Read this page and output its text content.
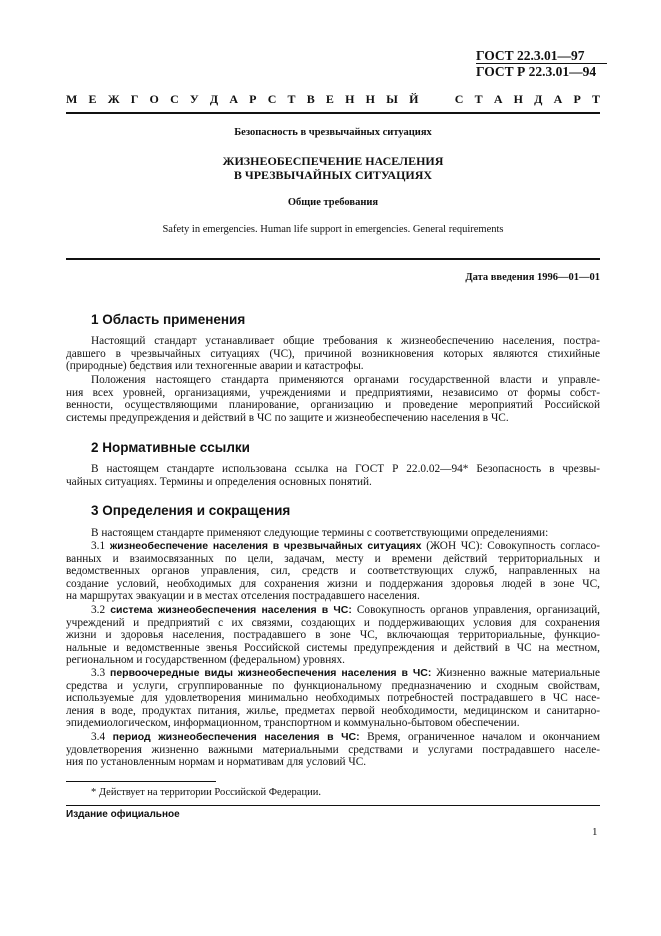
ГОСТ 22.3.01—97
ГОСТ Р 22.3.01—94
М Е Ж Г О С У Д А Р С Т В Е Н Н Ы Й	С Т А Н Д А Р Т
Безопасность в чрезвычайных ситуациях
ЖИЗНЕОБЕСПЕЧЕНИЕ НАСЕЛЕНИЯ
В ЧРЕЗВЫЧАЙНЫХ СИТУАЦИЯХ
Общие требования
Safety in emergencies. Human life support in emergencies. General requirements
Дата введения 1996—01—01
1 Область применения
Настоящий стандарт устанавливает общие требования к жизнеобеспечению населения, постра-
давшего в чрезвычайных ситуациях (ЧС), причиной возникновения которых являются стихийные
(природные) бедствия или техногенные аварии и катастрофы.
Положения настоящего стандарта применяются органами государственной власти и управле-
ния всех уровней, организациями, учреждениями и предприятиями, независимо от формы собст-
венности, осуществляющими планирование, организацию и проведение мероприятий Российской
системы предупреждения и действий в ЧС по защите и жизнеобеспечению населения в ЧС.
2 Нормативные ссылки
В настоящем стандарте использована ссылка на ГОСТ Р 22.0.02—94* Безопасность в чрезвы-
чайных ситуациях. Термины и определения основных понятий.
3 Определения и сокращения
В настоящем стандарте применяют следующие термины с соответствующими определениями:
3.1 жизнеобеспечение населения в чрезвычайных ситуациях (ЖОН ЧС): Совокупность согласо-
ванных и взаимосвязанных по цели, задачам, месту и времени действий территориальных и
ведомственных органов управления, сил, средств и соответствующих служб, направленных на
создание условий, необходимых для сохранения жизни и поддержания здоровья людей в зоне ЧС,
на маршрутах эвакуации и в местах отселения пострадавшего населения.
3.2 система жизнеобеспечения населения в ЧС: Совокупность органов управления, организаций,
учреждений и предприятий с их связями, создающих и поддерживающих условия для сохранения
жизни и здоровья населения, пострадавшего в зоне ЧС, включающая территориальные, функцио-
нальные и ведомственные звенья Российской системы предупреждения и действий в ЧС на местном,
региональном и государственном (федеральном) уровнях.
3.3 первоочередные виды жизнеобеспечения населения в ЧС: Жизненно важные материальные
средства и услуги, сгруппированные по функциональному предназначению и сходным свойствам,
используемые для удовлетворения минимально необходимых потребностей пострадавшего в ЧС насе-
ления в воде, продуктах питания, жилье, предметах первой необходимости, медицинском и санитарно-
эпидемиологическом, информационном, транспортном и коммунально-бытовом обеспечении.
3.4 период жизнеобеспечения населения в ЧС: Время, ограниченное началом и окончанием
удовлетворения жизненно важными материальными средствами и услугами пострадавшего населе-
ния по установленным нормам и нормативам для условий ЧС.
* Действует на территории Российской Федерации.
Издание официальное
1
